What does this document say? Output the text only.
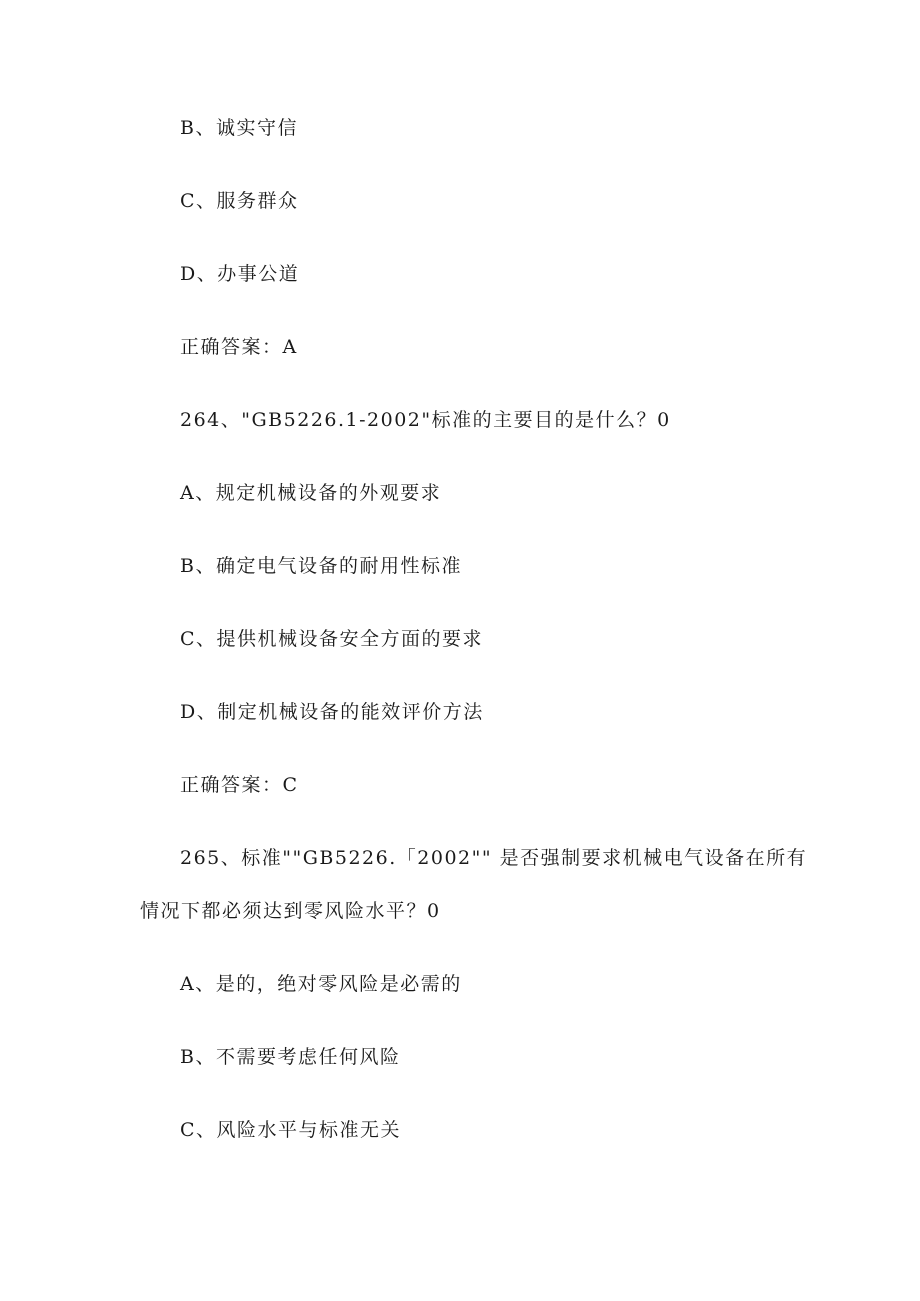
B、诚实守信
C、服务群众
D、办事公道
正确答案：A
264、"GB5226.1-2002"标准的主要目的是什么？0
A、规定机械设备的外观要求
B、确定电气设备的耐用性标准
C、提供机械设备安全方面的要求
D、制定机械设备的能效评价方法
正确答案：C
265、标准""GB5226.「2002"" 是否强制要求机械电气设备在所有
情况下都必须达到零风险水平？0
A、是的，绝对零风险是必需的
B、不需要考虑任何风险
C、风险水平与标准无关
